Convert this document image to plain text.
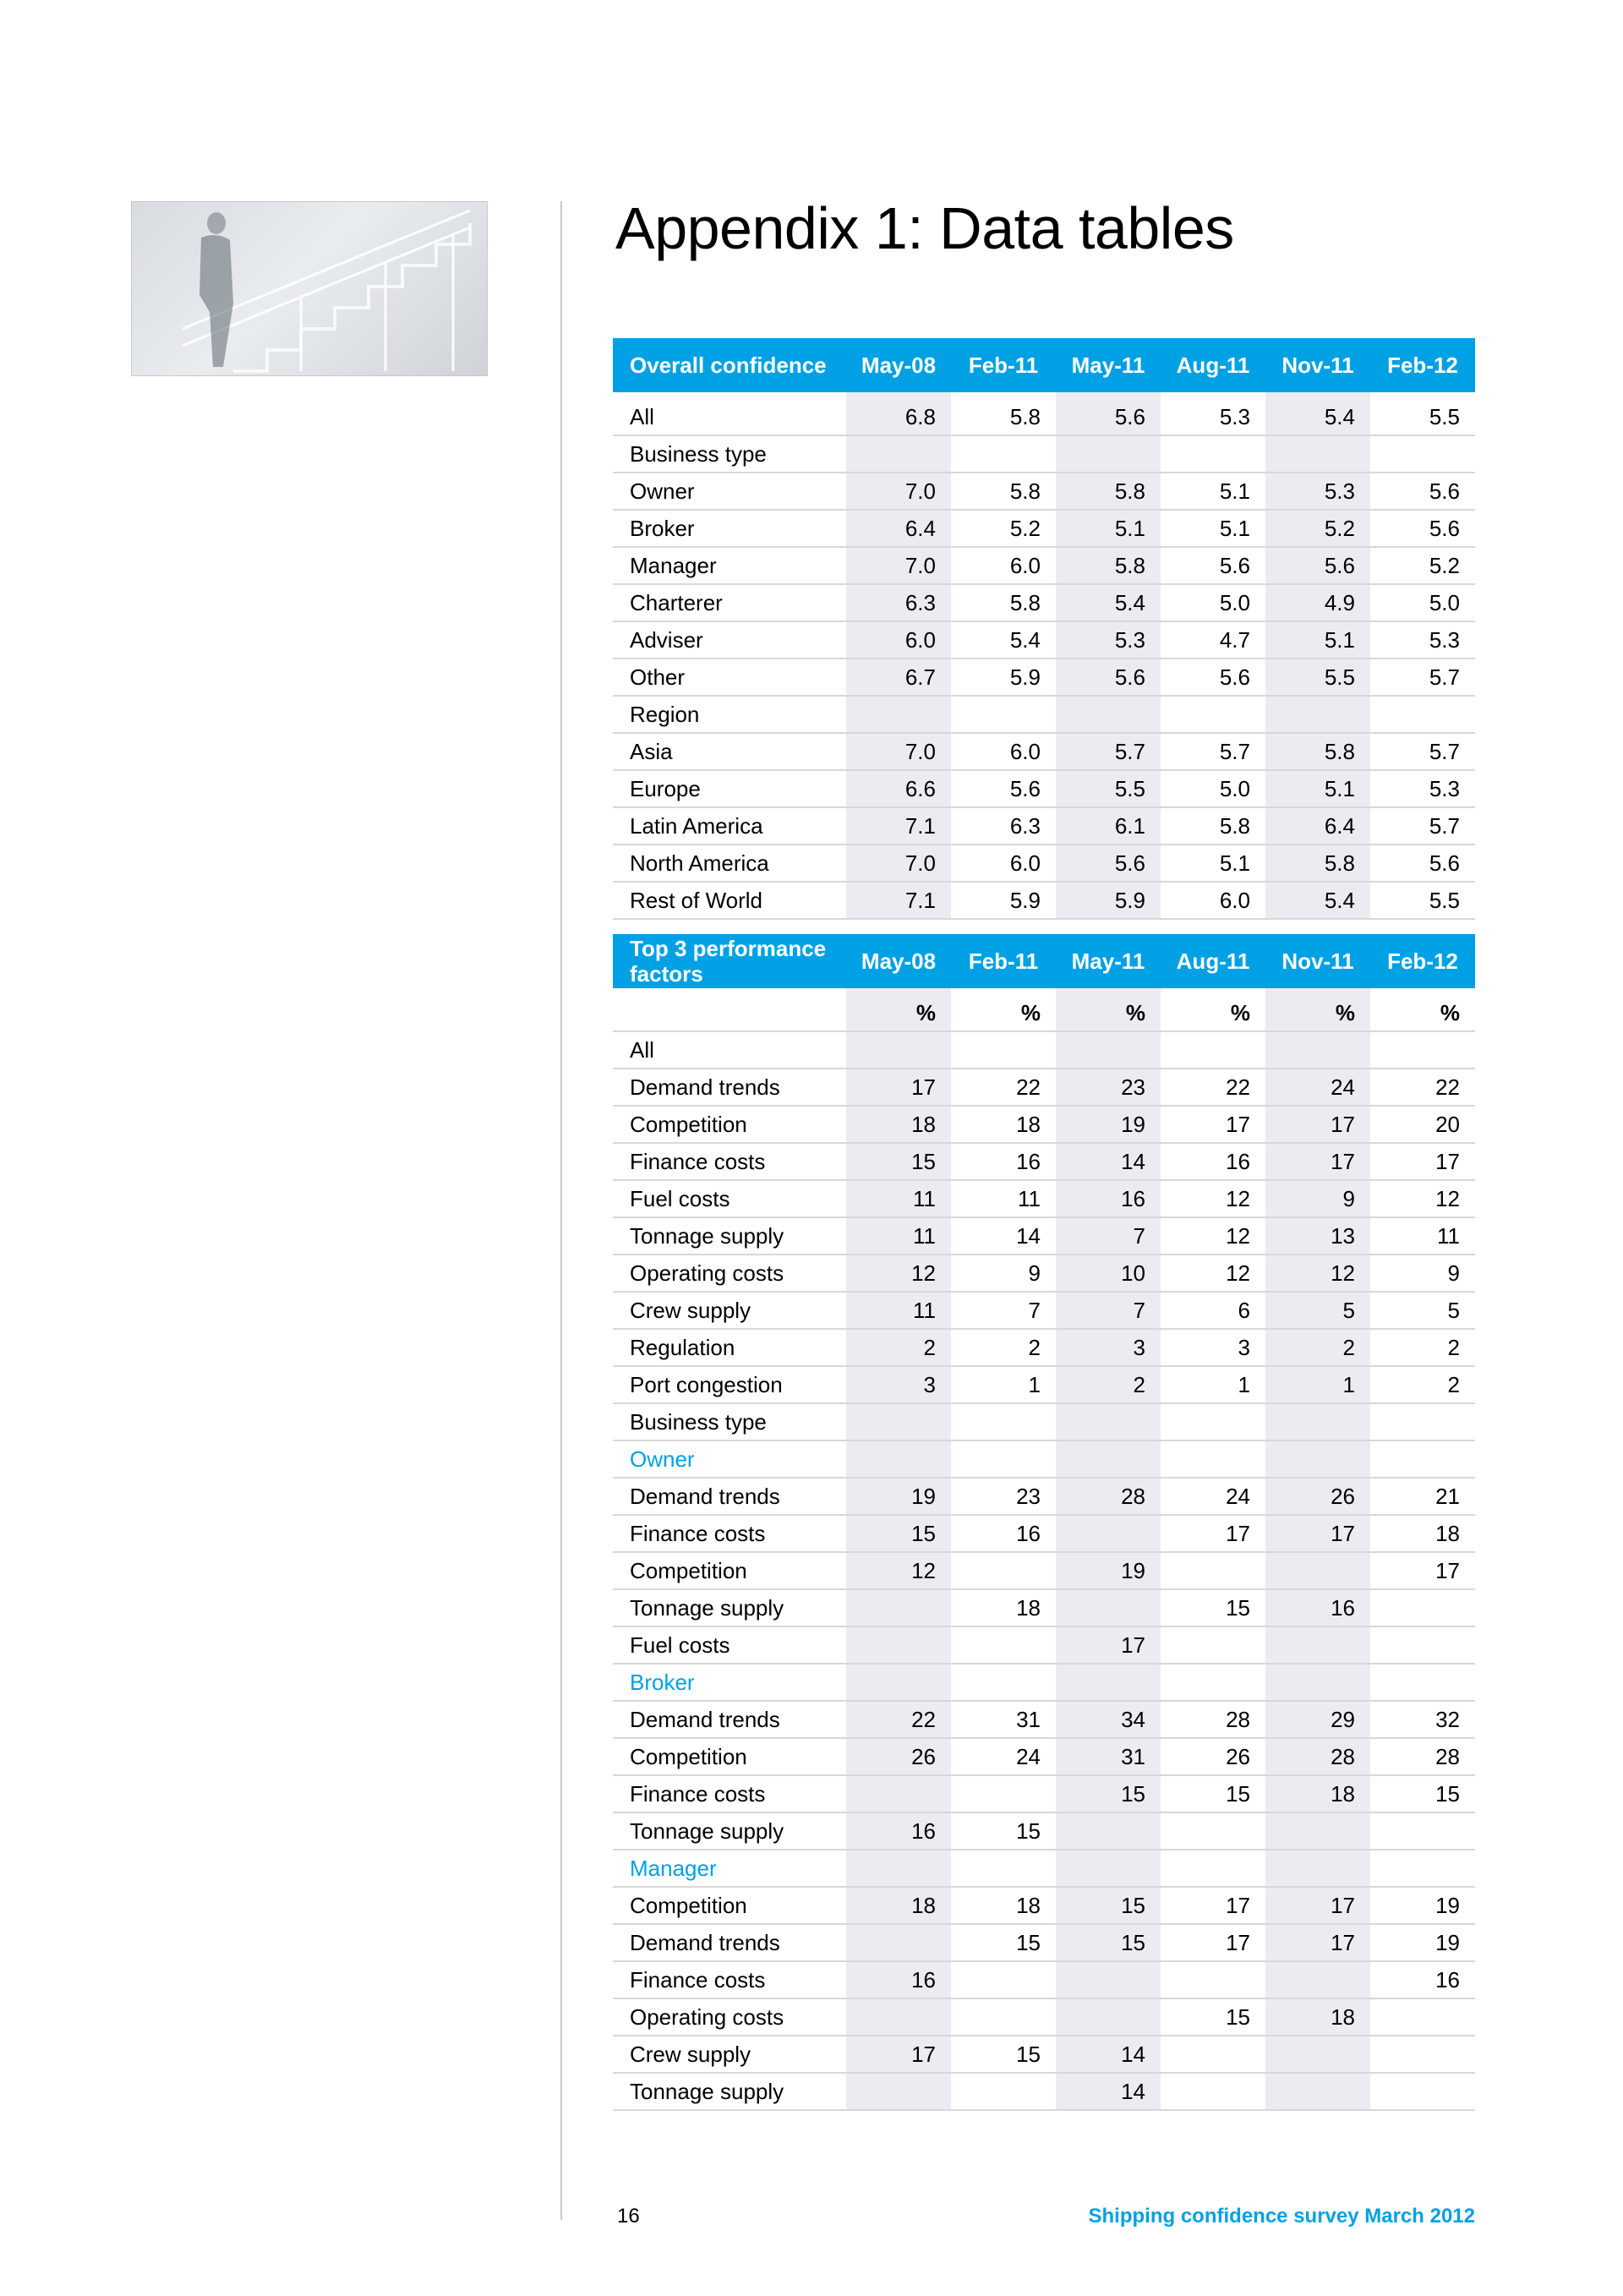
Appendix 1: Data tables
Overall confidence	May-08	Feb-11	May-11	Aug-11	Nov-11	Feb-12

All	6.8	5.8	5.6	5.3	5.4	5.5
Business type						
Owner	7.0	5.8	5.8	5.1	5.3	5.6
Broker	6.4	5.2	5.1	5.1	5.2	5.6
Manager	7.0	6.0	5.8	5.6	5.6	5.2
Charterer	6.3	5.8	5.4	5.0	4.9	5.0
Adviser	6.0	5.4	5.3	4.7	5.1	5.3
Other	6.7	5.9	5.6	5.6	5.5	5.7
Region						
Asia	7.0	6.0	5.7	5.7	5.8	5.7
Europe	6.6	5.6	5.5	5.0	5.1	5.3
Latin America	7.1	6.3	6.1	5.8	6.4	5.7
North America	7.0	6.0	5.6	5.1	5.8	5.6
Rest of World	7.1	5.9	5.9	6.0	5.4	5.5
Top 3 performance factors	May-08	Feb-11	May-11	Aug-11	Nov-11	Feb-12

	%	%	%	%	%	%
All						
Demand trends	17	22	23	22	24	22
Competition	18	18	19	17	17	20
Finance costs	15	16	14	16	17	17
Fuel costs	11	11	16	12	9	12
Tonnage supply	11	14	7	12	13	11
Operating costs	12	9	10	12	12	9
Crew supply	11	7	7	6	5	5
Regulation	2	2	3	3	2	2
Port congestion	3	1	2	1	1	2
Business type						
Owner						
Demand trends	19	23	28	24	26	21
Finance costs	15	16		17	17	18
Competition	12		19			17
Tonnage supply		18		15	16	
Fuel costs			17			
Broker						
Demand trends	22	31	34	28	29	32
Competition	26	24	31	26	28	28
Finance costs			15	15	18	15
Tonnage supply	16	15				
Manager						
Competition	18	18	15	17	17	19
Demand trends		15	15	17	17	19
Finance costs	16					16
Operating costs				15	18	
Crew supply	17	15	14			
Tonnage supply			14			
16	Shipping confidence survey March 2012
